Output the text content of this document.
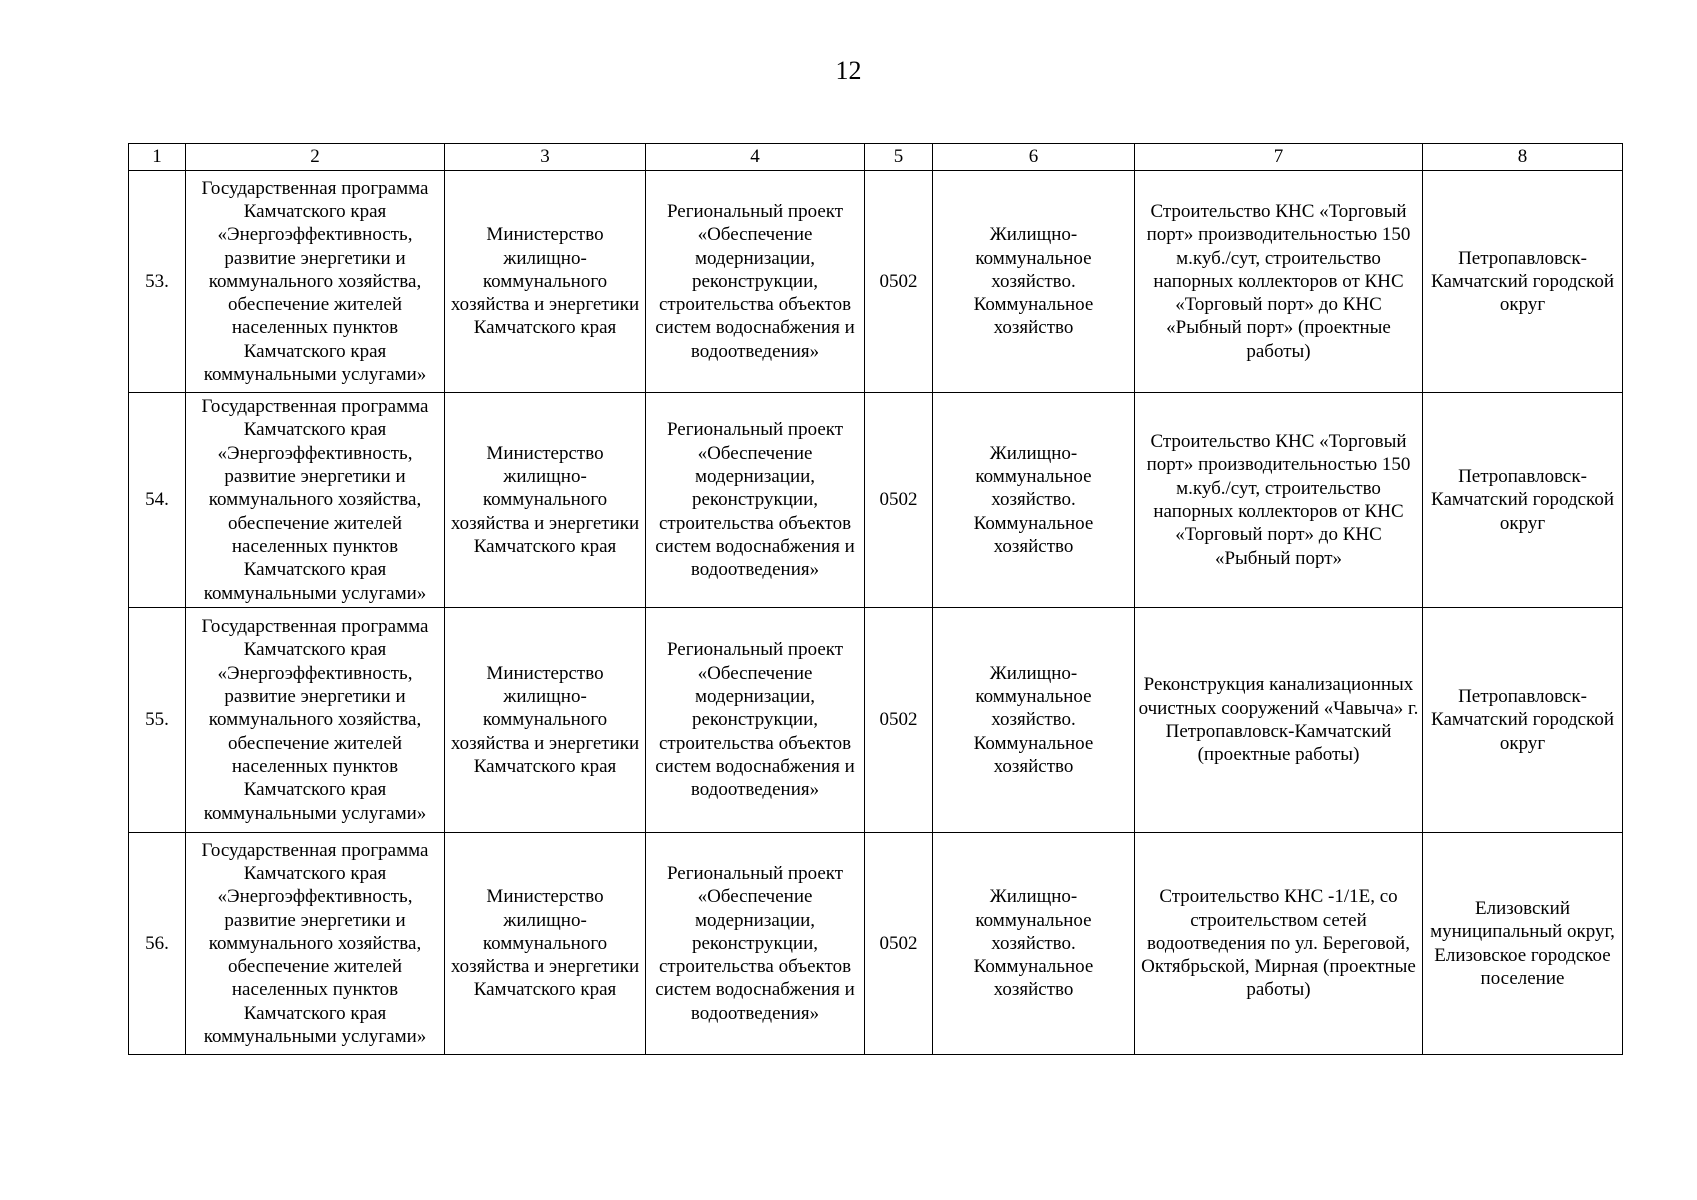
12
1	2	3	4	5	6	7	8
53.	Государственная программа Камчатского края «Энергоэффективность, развитие энергетики и коммунального хозяйства, обеспечение жителей населенных пунктов Камчатского края коммунальными услугами»	Министерство жилищно-коммунального хозяйства и энергетики Камчатского края	Региональный проект «Обеспечение модернизации, реконструкции, строительства объектов систем водоснабжения и водоотведения»	0502	Жилищно-коммунальное хозяйство. Коммунальное хозяйство	Строительство КНС «Торговый порт» производительностью 150 м.куб./сут, строительство напорных коллекторов от КНС «Торговый порт» до КНС «Рыбный порт» (проектные работы)	Петропавловск-Камчатский городской округ
54.	Государственная программа Камчатского края «Энергоэффективность, развитие энергетики и коммунального хозяйства, обеспечение жителей населенных пунктов Камчатского края коммунальными услугами»	Министерство жилищно-коммунального хозяйства и энергетики Камчатского края	Региональный проект «Обеспечение модернизации, реконструкции, строительства объектов систем водоснабжения и водоотведения»	0502	Жилищно-коммунальное хозяйство. Коммунальное хозяйство	Строительство КНС «Торговый порт» производительностью 150 м.куб./сут, строительство напорных коллекторов от КНС «Торговый порт» до КНС «Рыбный порт»	Петропавловск-Камчатский городской округ
55.	Государственная программа Камчатского края «Энергоэффективность, развитие энергетики и коммунального хозяйства, обеспечение жителей населенных пунктов Камчатского края коммунальными услугами»	Министерство жилищно-коммунального хозяйства и энергетики Камчатского края	Региональный проект «Обеспечение модернизации, реконструкции, строительства объектов систем водоснабжения и водоотведения»	0502	Жилищно-коммунальное хозяйство. Коммунальное хозяйство	Реконструкция канализационных очистных сооружений «Чавыча» г. Петропавловск-Камчатский (проектные работы)	Петропавловск-Камчатский городской округ
56.	Государственная программа Камчатского края «Энергоэффективность, развитие энергетики и коммунального хозяйства, обеспечение жителей населенных пунктов Камчатского края коммунальными услугами»	Министерство жилищно-коммунального хозяйства и энергетики Камчатского края	Региональный проект «Обеспечение модернизации, реконструкции, строительства объектов систем водоснабжения и водоотведения»	0502	Жилищно-коммунальное хозяйство. Коммунальное хозяйство	Строительство КНС -1/1Е, со строительством сетей водоотведения по ул. Береговой, Октябрьской, Мирная (проектные работы)	Елизовский муниципальный округ, Елизовское городское поселение
